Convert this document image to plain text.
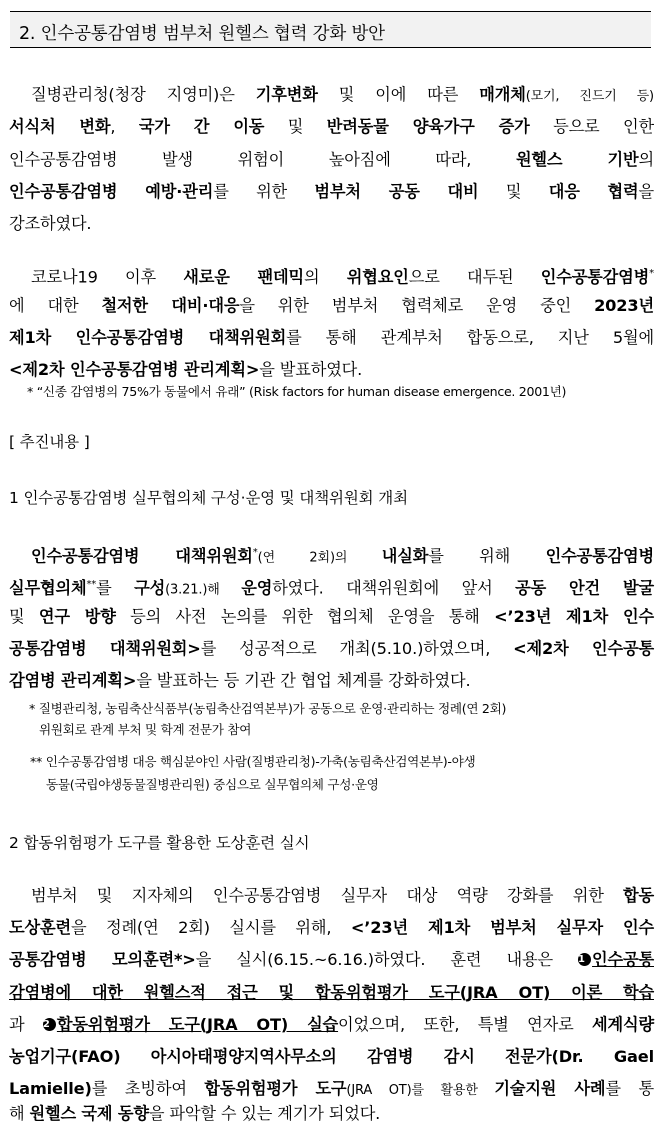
2. 인수공통감염병 범부처 원헬스 협력 강화 방안
질병관리청(청장 지영미)은 기후변화 및 이에 따른 매개체(모기, 진드기 등)
서식처 변화, 국가 간 이동 및 반려동물 양육가구 증가 등으로 인한
인수공통감염병 발생 위험이 높아짐에 따라, 원헬스 기반의
인수공통감염병 예방·관리를 위한 범부처 공동 대비 및 대응 협력을
강조하였다.
코로나19 이후 새로운 팬데믹의 위협요인으로 대두된 인수공통감염병*
에 대한 철저한 대비·대응을 위한 범부처 협력체로 운영 중인 2023년
제1차 인수공통감염병 대책위원회를 통해 관계부처 합동으로, 지난 5월에
<제2차 인수공통감염병 관리계획>을 발표하였다.
* “신종 감염병의 75%가 동물에서 유래” (Risk factors for human disease emergence. 2001년)
[ 추진내용 ]
1 인수공통감염병 실무협의체 구성·운영 및 대책위원회 개최
인수공통감염병 대책위원회*(연 2회)의 내실화를 위해 인수공통감염병
실무협의체**를 구성(3.21.)해 운영하였다. 대책위원회에 앞서 공동 안건 발굴
및 연구 방향 등의 사전 논의를 위한 협의체 운영을 통해 <’23년 제1차 인수
공통감염병 대책위원회>를 성공적으로 개최(5.10.)하였으며, <제2차 인수공통
감염병 관리계획>을 발표하는 등 기관 간 협업 체계를 강화하였다.
* 질병관리청, 농림축산식품부(농림축산검역본부)가 공동으로 운영·관리하는 정례(연 2회)
위원회로 관계 부처 및 학계 전문가 참여
** 인수공통감염병 대응 핵심분야인 사람(질병관리청)-가축(농림축산검역본부)-야생
동물(국립야생동물질병관리원) 중심으로 실무협의체 구성·운영
2 합동위험평가 도구를 활용한 도상훈련 실시
범부처 및 지자체의 인수공통감염병 실무자 대상 역량 강화를 위한 합동
도상훈련을 정례(연 2회) 실시를 위해, <’23년 제1차 범부처 실무자 인수
공통감염병 모의훈련*>을 실시(6.15.~6.16.)하였다. 훈련 내용은 1 인수공통
감염병에 대한 원헬스적 접근 및 합동위험평가 도구(JRA OT) 이론 학습
과 2 합동위험평가 도구(JRA OT) 실습이었으며, 또한, 특별 연자로 세계식량
농업기구(FAO) 아시아태평양지역사무소의 감염병 감시 전문가(Dr. Gael
Lamielle)를 초빙하여 합동위험평가 도구(JRA OT)를 활용한 기술지원 사례를 통
해 원헬스 국제 동향을 파악할 수 있는 계기가 되었다.
